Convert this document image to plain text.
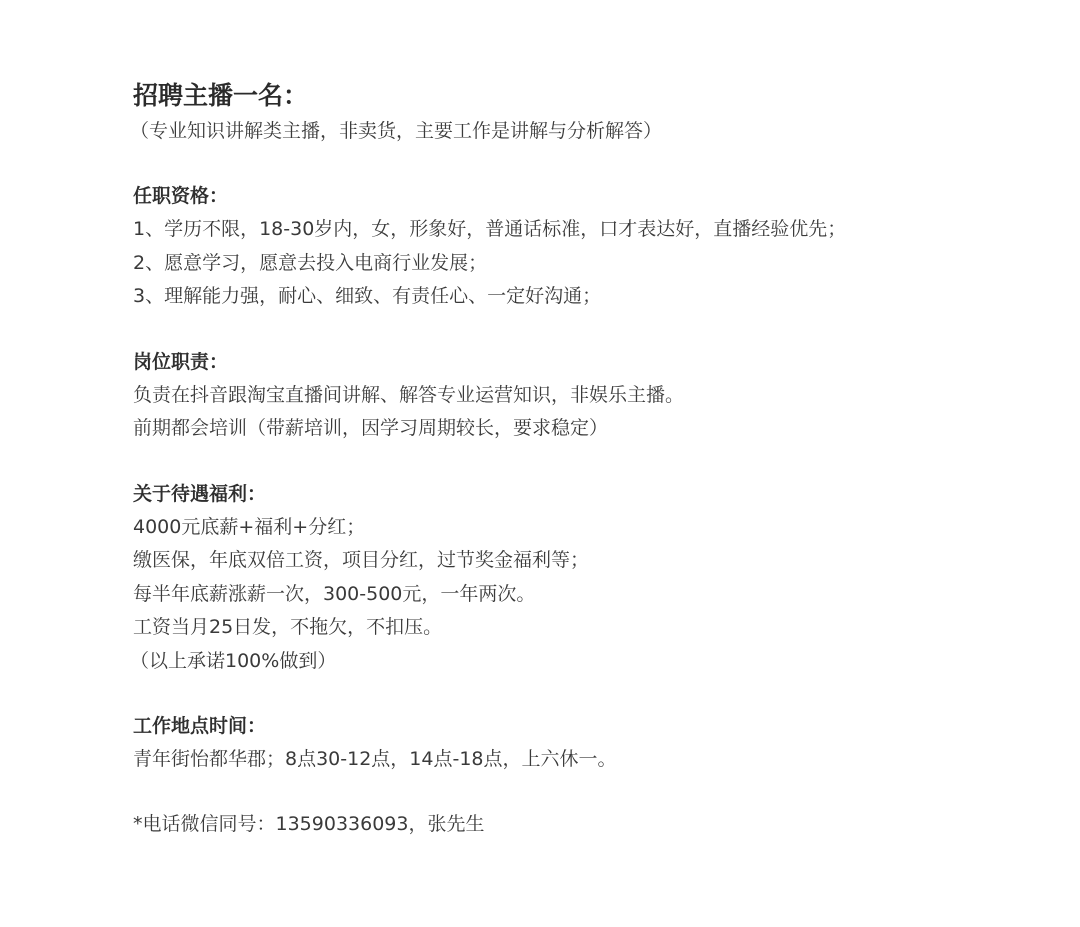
招聘主播一名：
（专业知识讲解类主播，非卖货，主要工作是讲解与分析解答）
任职资格：
1、学历不限，18-30岁内，女，形象好，普通话标准，口才表达好，直播经验优先；
2、愿意学习，愿意去投入电商行业发展；
3、理解能力强，耐心、细致、有责任心、一定好沟通；
岗位职责：
负责在抖音跟淘宝直播间讲解、解答专业运营知识，非娱乐主播。
前期都会培训（带薪培训，因学习周期较长，要求稳定）
关于待遇福利：
4000元底薪+福利+分红；
缴医保，年底双倍工资，项目分红，过节奖金福利等；
每半年底薪涨薪一次，300-500元，一年两次。
工资当月25日发，不拖欠，不扣压。
（以上承诺100%做到）
工作地点时间：
青年街怡都华郡；8点30-12点，14点-18点，上六休一。
*电话微信同号：13590336093，张先生
